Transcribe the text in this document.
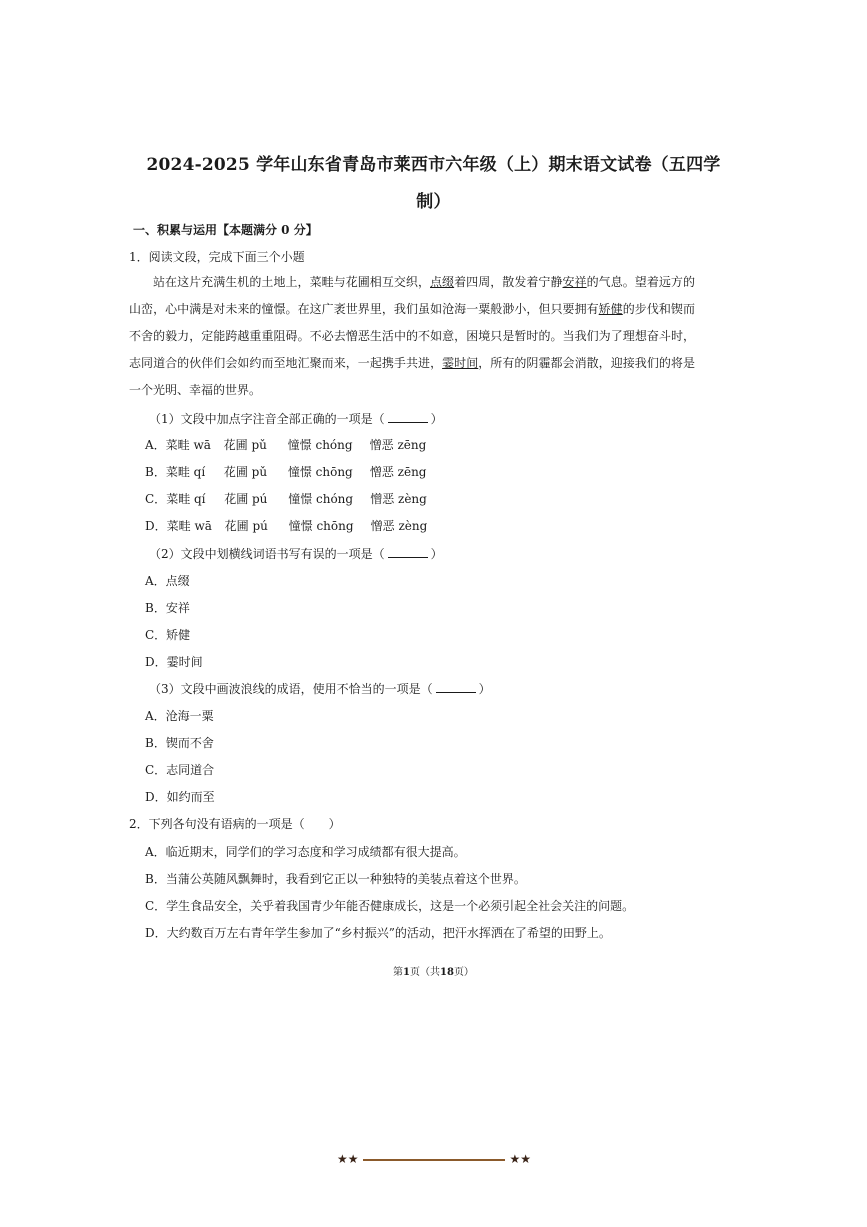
2024-2025 学年山东省青岛市莱西市六年级（上）期末语文试卷（五四学
制）
一、积累与运用【本题满分 0 分】
1．阅读文段，完成下面三个小题
站在这片充满生机的土地上，菜畦与花圃相互交织，点缀着四周，散发着宁静安祥的气息。望着远方的山峦，心中满是对未来的憧憬。在这广袤世界里，我们虽如沧海一粟般渺小，但只要拥有矫健的步伐和锲而不舍的毅力，定能跨越重重阻碍。不必去憎恶生活中的不如意，困境只是暂时的。当我们为了理想奋斗时，志同道合的伙伴们会如约而至地汇聚而来，一起携手共进，霎时间，所有的阴霾都会消散，迎接我们的将是一个光明、幸福的世界。
（1）文段中加点字注音全部正确的一项是（	）
A．菜畦 wā 花圃 pǔ 憧憬 chóng 憎恶 zēng
B．菜畦 qí 花圃 pǔ 憧憬 chōng 憎恶 zēng
C．菜畦 qí 花圃 pú 憧憬 chóng 憎恶 zèng
D．菜畦 wā 花圃 pú 憧憬 chōng 憎恶 zèng
（2）文段中划横线词语书写有误的一项是（	）
A．点缀
B．安祥
C．矫健
D．霎时间
（3）文段中画波浪线的成语，使用不恰当的一项是（	）
A．沧海一粟
B．锲而不舍
C．志同道合
D．如约而至
2．下列各句没有语病的一项是（　　）
A．临近期末，同学们的学习态度和学习成绩都有很大提高。
B．当蒲公英随风飘舞时，我看到它正以一种独特的美装点着这个世界。
C．学生食品安全，关乎着我国青少年能否健康成长，这是一个必须引起全社会关注的问题。
D．大约数百万左右青年学生参加了“乡村振兴”的活动，把汗水挥洒在了希望的田野上。
第1页（共18页）
★★	★★
